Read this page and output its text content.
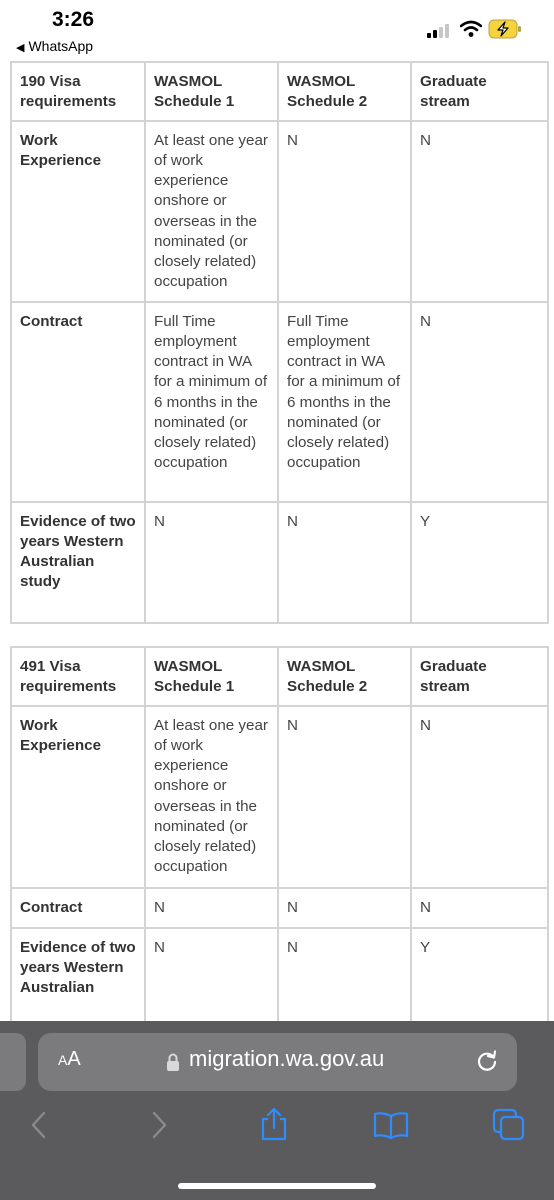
3:26
◀ WhatsApp
190 Visa requirements	WASMOL Schedule 1	WASMOL Schedule 2	Graduate stream
Work Experience	At least one year of work experience onshore or overseas in the nominated (or closely related) occupation	N	N
Contract	Full Time employment contract in WA for a minimum of 6 months in the nominated (or closely related) occupation	Full Time employment contract in WA for a minimum of 6 months in the nominated (or closely related) occupation	N
Evidence of two years Western Australian study	N	N	Y
491 Visa requirements	WASMOL Schedule 1	WASMOL Schedule 2	Graduate stream
Work Experience	At least one year of work experience onshore or overseas in the nominated (or closely related) occupation	N	N
Contract	N	N	N
Evidence of two years Western Australian	N	N	Y
AA	migration.wa.gov.au
